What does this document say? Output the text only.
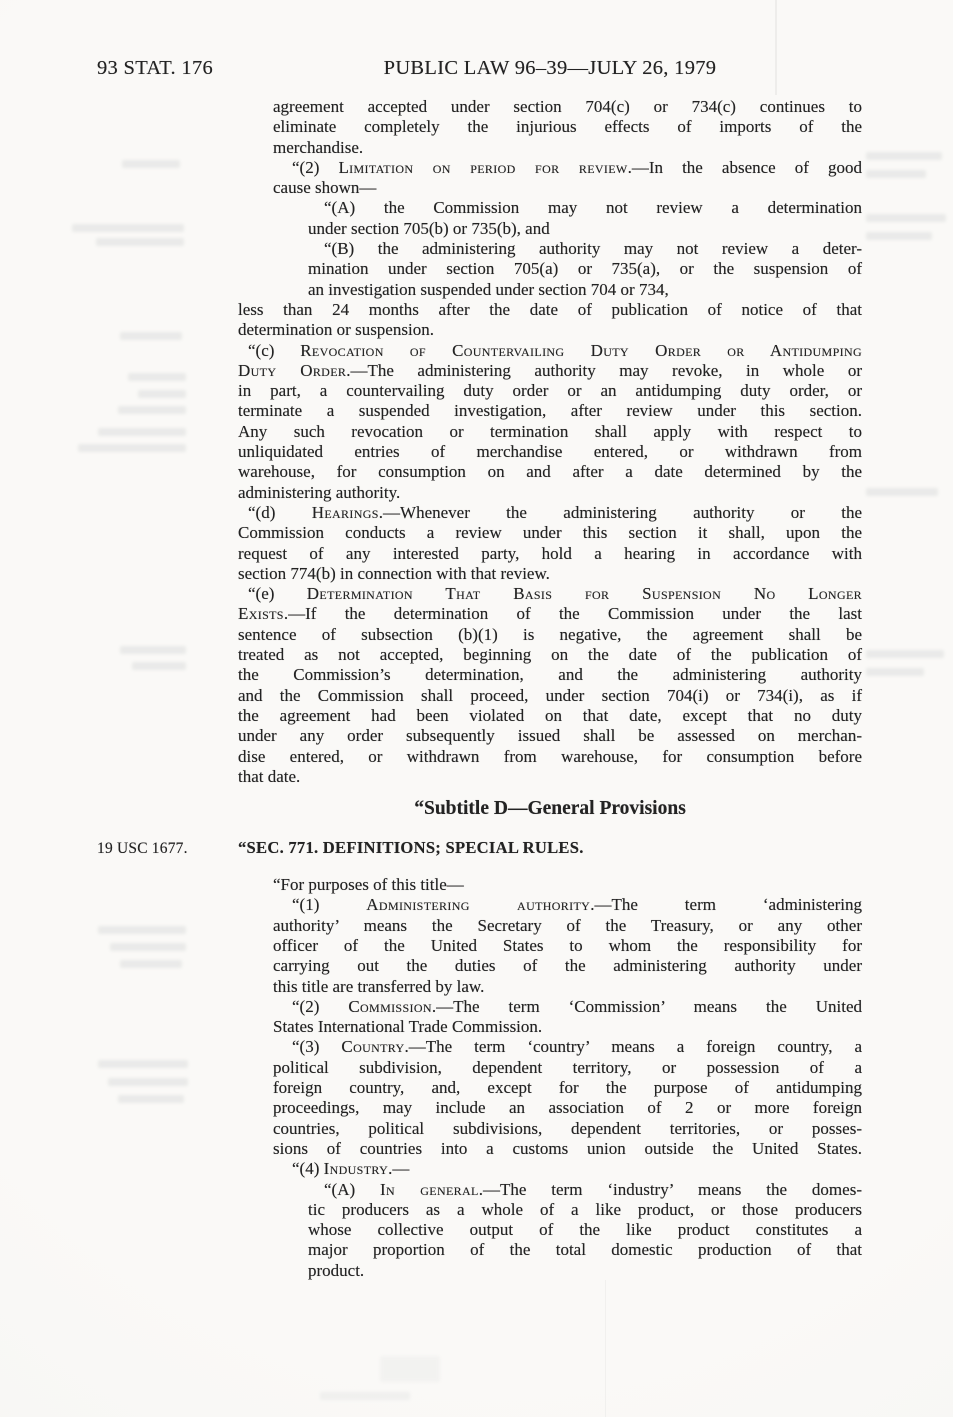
93 STAT. 176	PUBLIC LAW 96–39—JULY 26, 1979
19 USC 1677.
agreement accepted under section 704(c) or 734(c) continues to
eliminate completely the injurious effects of imports of the
merchandise.
“(2) Limitation on period for review.—In the absence of good
cause shown—
“(A) the Commission may not review a determination
under section 705(b) or 735(b), and
“(B) the administering authority may not review a deter-
mination under section 705(a) or 735(a), or the suspension of
an investigation suspended under section 704 or 734,
less than 24 months after the date of publication of notice of that
determination or suspension.
“(c) Revocation of Countervailing Duty Order or Antidumping
Duty Order.—The administering authority may revoke, in whole or
in part, a countervailing duty order or an antidumping duty order, or
terminate a suspended investigation, after review under this section.
Any such revocation or termination shall apply with respect to
unliquidated entries of merchandise entered, or withdrawn from
warehouse, for consumption on and after a date determined by the
administering authority.
“(d) Hearings.—Whenever the administering authority or the
Commission conducts a review under this section it shall, upon the
request of any interested party, hold a hearing in accordance with
section 774(b) in connection with that review.
“(e) Determination That Basis for Suspension No Longer
Exists.—If the determination of the Commission under the last
sentence of subsection (b)(1) is negative, the agreement shall be
treated as not accepted, beginning on the date of the publication of
the Commission’s determination, and the administering authority
and the Commission shall proceed, under section 704(i) or 734(i), as if
the agreement had been violated on that date, except that no duty
under any order subsequently issued shall be assessed on merchan-
dise entered, or withdrawn from warehouse, for consumption before
that date.
“Subtitle D—General Provisions
“SEC. 771. DEFINITIONS; SPECIAL RULES.
“For purposes of this title—
“(1) Administering authority.—The term ‘administering
authority’ means the Secretary of the Treasury, or any other
officer of the United States to whom the responsibility for
carrying out the duties of the administering authority under
this title are transferred by law.
“(2) Commission.—The term ‘Commission’ means the United
States International Trade Commission.
“(3) Country.—The term ‘country’ means a foreign country, a
political subdivision, dependent territory, or possession of a
foreign country, and, except for the purpose of antidumping
proceedings, may include an association of 2 or more foreign
countries, political subdivisions, dependent territories, or posses-
sions of countries into a customs union outside the United States.
“(4) Industry.—
“(A) In general.—The term ‘industry’ means the domes-
tic producers as a whole of a like product, or those producers
whose collective output of the like product constitutes a
major proportion of the total domestic production of that
product.
